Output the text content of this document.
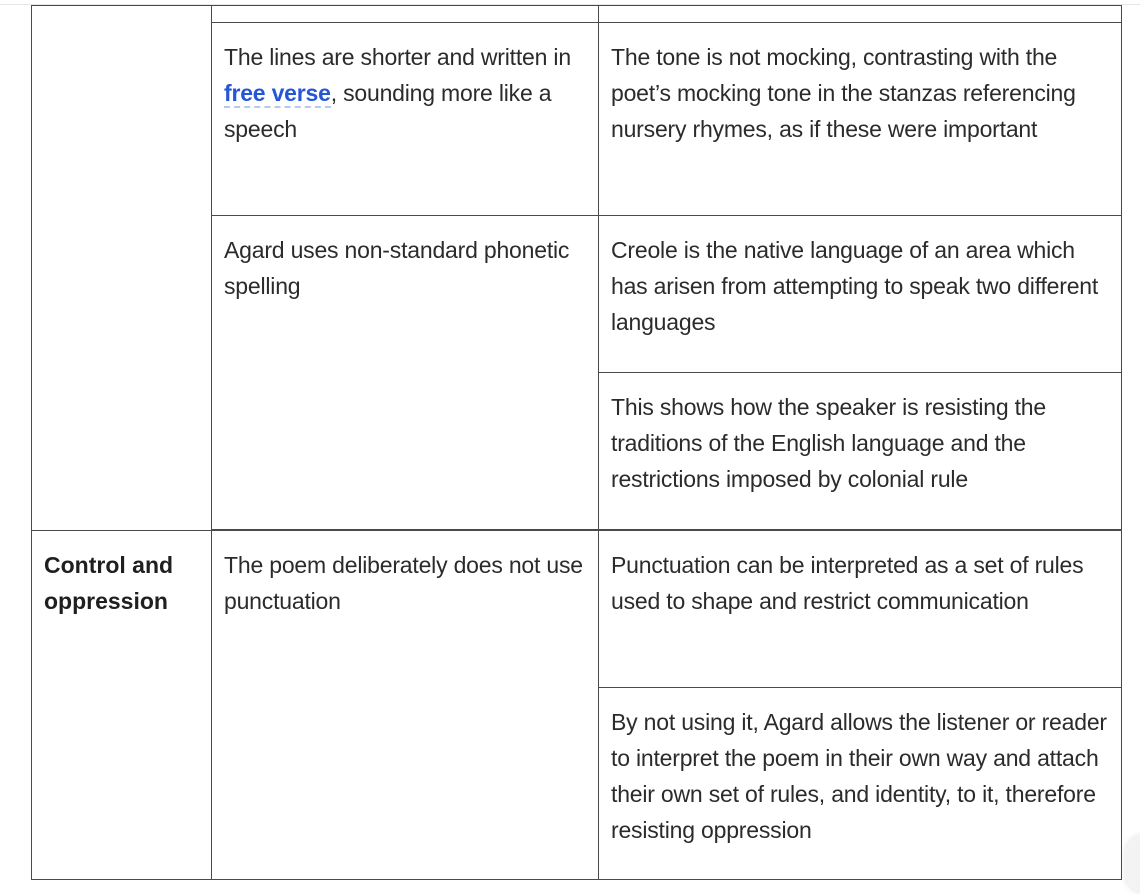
	The lines are shorter and written in free verse, sounding more like a speech	The tone is not mocking, contrasting with the poet’s mocking tone in the stanzas referencing nursery rhymes, as if these were important

	Agard uses non-standard phonetic spelling	Creole is the native language of an area which has arisen from attempting to speak two different languages

		This shows how the speaker is resisting the traditions of the English language and the restrictions imposed by colonial rule

Control and oppression	The poem deliberately does not use punctuation	Punctuation can be interpreted as a set of rules used to shape and restrict communication

		By not using it, Agard allows the listener or reader to interpret the poem in their own way and attach their own set of rules, and identity, to it, therefore resisting oppression
